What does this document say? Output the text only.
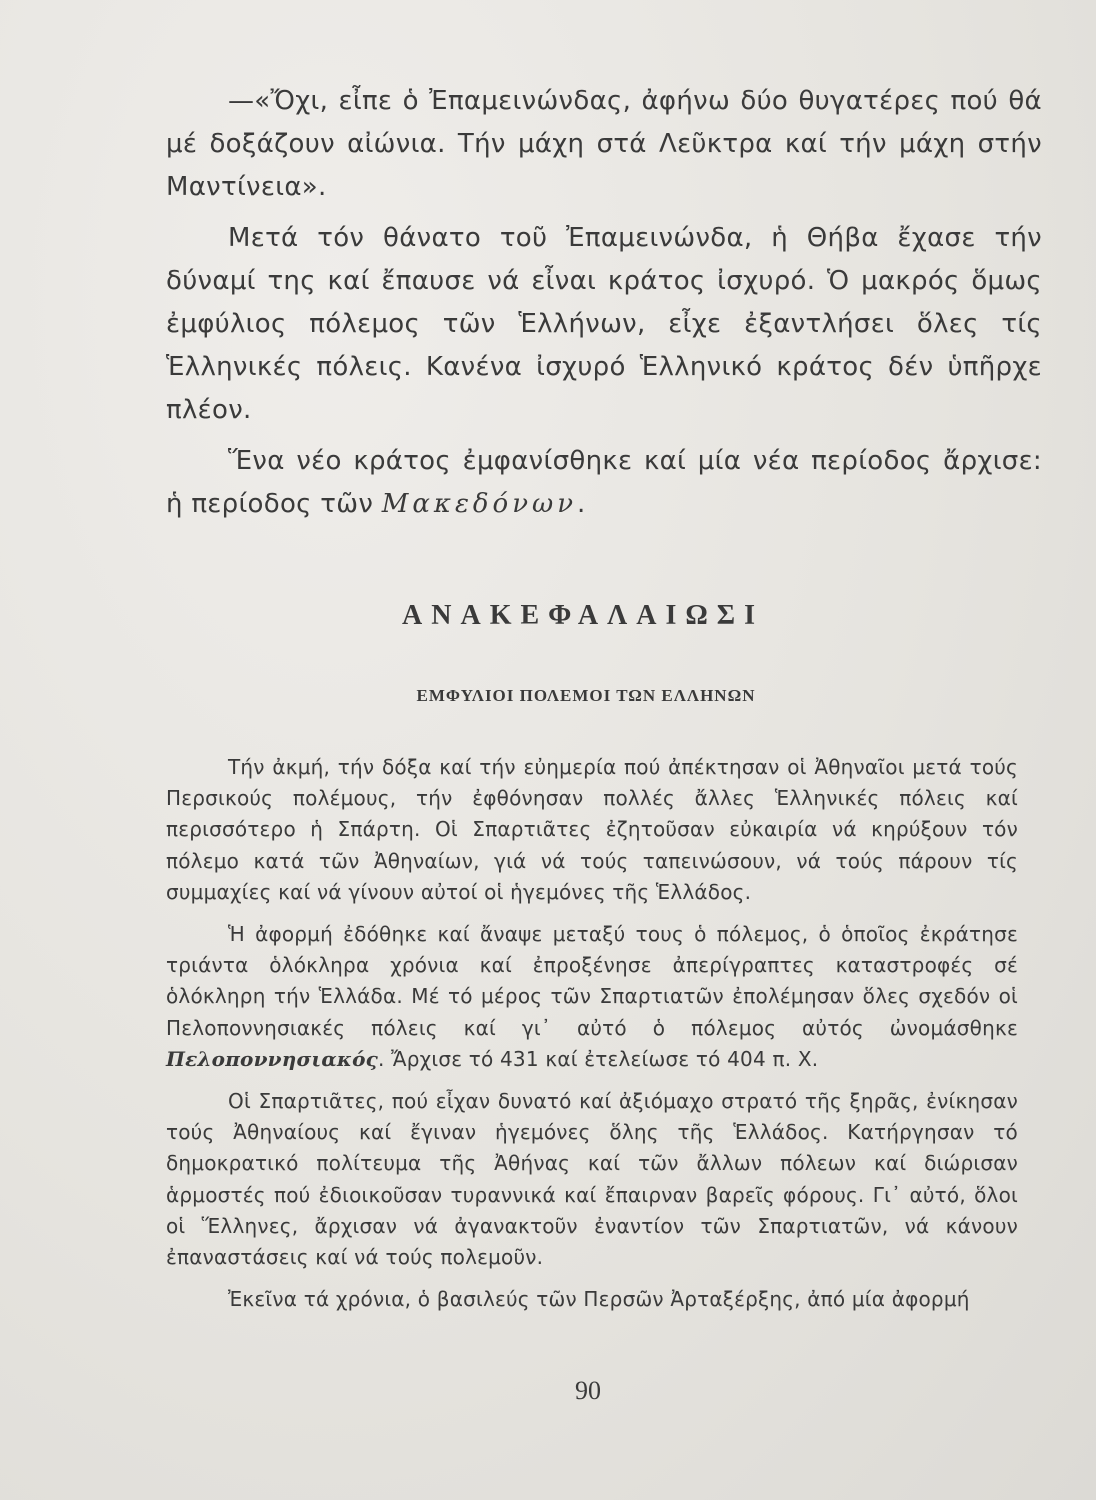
—«Ὄχι, εἶπε ὁ Ἐπαμεινώνδας, ἀφήνω δύο θυγατέρες πού θά μέ δοξάζουν αἰώνια. Τήν μάχη στά Λεῦκτρα καί τήν μάχη στήν Μαντίνεια».

Μετά τόν θάνατο τοῦ Ἐπαμεινώνδα, ἡ Θήβα ἔχασε τήν δύναμί της καί ἔπαυσε νά εἶναι κράτος ἰσχυρό. Ὁ μακρός ὅμως ἐμφύλιος πόλεμος τῶν Ἑλλήνων, εἶχε ἐξαντλήσει ὅλες τίς Ἑλληνικές πόλεις. Κανένα ἰσχυρό Ἑλληνικό κράτος δέν ὑπῆρχε πλέον.

Ἕνα νέο κράτος ἐμφανίσθηκε καί μία νέα περίοδος ἄρχισε: ἡ περίοδος τῶν Μακεδόνων.

ΑΝΑΚΕΦΑΛΑΙΩΣΙ
ΕΜΦΥΛΙΟΙ ΠΟΛΕΜΟΙ ΤΩΝ ΕΛΛΗΝΩΝ

Τήν ἀκμή, τήν δόξα καί τήν εὐημερία πού ἀπέκτησαν οἱ Ἀθηναῖοι μετά τούς Περσικούς πολέμους, τήν ἐφθόνησαν πολλές ἄλλες Ἑλληνικές πόλεις καί περισσότερο ἡ Σπάρτη. Οἱ Σπαρτιᾶτες ἐζητοῦσαν εὐκαιρία νά κηρύξουν τόν πόλεμο κατά τῶν Ἀθηναίων, γιά νά τούς ταπεινώσουν, νά τούς πάρουν τίς συμμαχίες καί νά γίνουν αὐτοί οἱ ἡγεμόνες τῆς Ἑλλάδος.

Ἡ ἀφορμή ἐδόθηκε καί ἄναψε μεταξύ τους ὁ πόλεμος, ὁ ὁποῖος ἐκράτησε τριάντα ὁλόκληρα χρόνια καί ἐπροξένησε ἀπερίγραπτες καταστροφές σέ ὁλόκληρη τήν Ἑλλάδα. Μέ τό μέρος τῶν Σπαρτιατῶν ἐπολέμησαν ὅλες σχεδόν οἱ Πελοποννησιακές πόλεις καί γι᾽ αὐτό ὁ πόλεμος αὐτός ὠνομάσθηκε Πελοποννησιακός. Ἄρχισε τό 431 καί ἐτελείωσε τό 404 π. Χ.

Οἱ Σπαρτιᾶτες, πού εἶχαν δυνατό καί ἀξιόμαχο στρατό τῆς ξηρᾶς, ἐνίκησαν τούς Ἀθηναίους καί ἔγιναν ἡγεμόνες ὅλης τῆς Ἑλλάδος. Κατήργησαν τό δημοκρατικό πολίτευμα τῆς Ἀθήνας καί τῶν ἄλλων πόλεων καί διώρισαν ἁρμοστές πού ἐδιοικοῦσαν τυραννικά καί ἔπαιρναν βαρεῖς φόρους. Γι᾽ αὐτό, ὅλοι οἱ Ἕλληνες, ἄρχισαν νά ἀγανακτοῦν ἐναντίον τῶν Σπαρτιατῶν, νά κάνουν ἐπαναστάσεις καί νά τούς πολεμοῦν.

Ἐκεῖνα τά χρόνια, ὁ βασιλεύς τῶν Περσῶν Ἀρταξέρξης, ἀπό μία ἀφορμή

90
